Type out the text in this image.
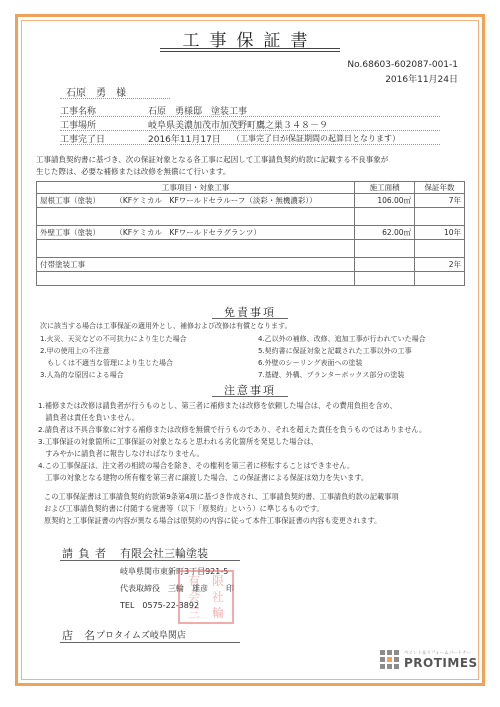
工事保証書
No.68603-602087-001-1
2016年11月24日
石原　勇　様
工事名称	石原　勇様邸　塗装工事
工事場所	岐阜県美濃加茂市加茂野町鷹之巣３４８－９
工事完了日	2016年11月17日 （工事完了日が保証期間の起算日となります）
工事請負契約書に基づき、次の保証対象となる各工事に起因して工事請負契約約款に記載する不良事象が
生じた際は、必要な補修または改修を無償にて行います。
工事項目・対象工事		施工面積	保証年数
屋根工事（塗装）	（KFケミカル　KFワールドセラルーフ（淡彩・無機濃彩））	106.00㎡	7年

外壁工事（塗装）	（KFケミカル　KFワールドセラグランツ）	62.00㎡	10年

付帯塗装工事			2年

免責事項
次に該当する場合は工事保証の適用外とし、補修および改修は有償となります。
1.火災、天災などの不可抗力により生じた場合
2.甲の使用上の不注意
　もしくは不適当な管理により生じた場合
3.人為的な原因による場合
4.乙以外の補修、改修、追加工事が行われていた場合
5.契約書に保証対象と記載された工事以外の工事
6.外壁のシーリング表面への塗装
7.基礎、外構、プランターボックス部分の塗装
注意事項
1.補修または改修は請負者が行うものとし、第三者に補修または改修を依頼した場合は、その費用負担を含め、
　請負者は責任を負いません。
2.請負者は不具合事象に対する補修または改修を無償で行うものであり、それを超えた責任を負うものではありません。
3.工事保証の対象箇所に工事保証の対象となると思われる劣化箇所を発見した場合は、
　すみやかに請負者に報告しなければなりません。
4.この工事保証は、注文者の相続の場合を除き、その権利を第三者に移転することはできません。
　工事の対象となる建物の所有権を第三者に譲渡した場合、この保証書による保証は効力を失います。
この工事保証書は工事請負契約約款第9条第4項に基づき作成され、工事請負契約書、工事請負約款の記載事項
および工事請負契約書に付随する覚書等（以下「原契約」という）に準じるものです。
原契約と工事保証書の内容が異なる場合は原契約の内容に従って本件工事保証書の内容も変更されます。
請 負 者 有限会社三輪塗装
岐阜県関市東新町3丁目921-5
代表取締役　三輪　雄彦 印
TEL　0575-22-3892
有 限
会 社
三 輪
店　名 プロタイムズ岐阜関店
ペイント＆リフォームパートナー
PROTIMES
